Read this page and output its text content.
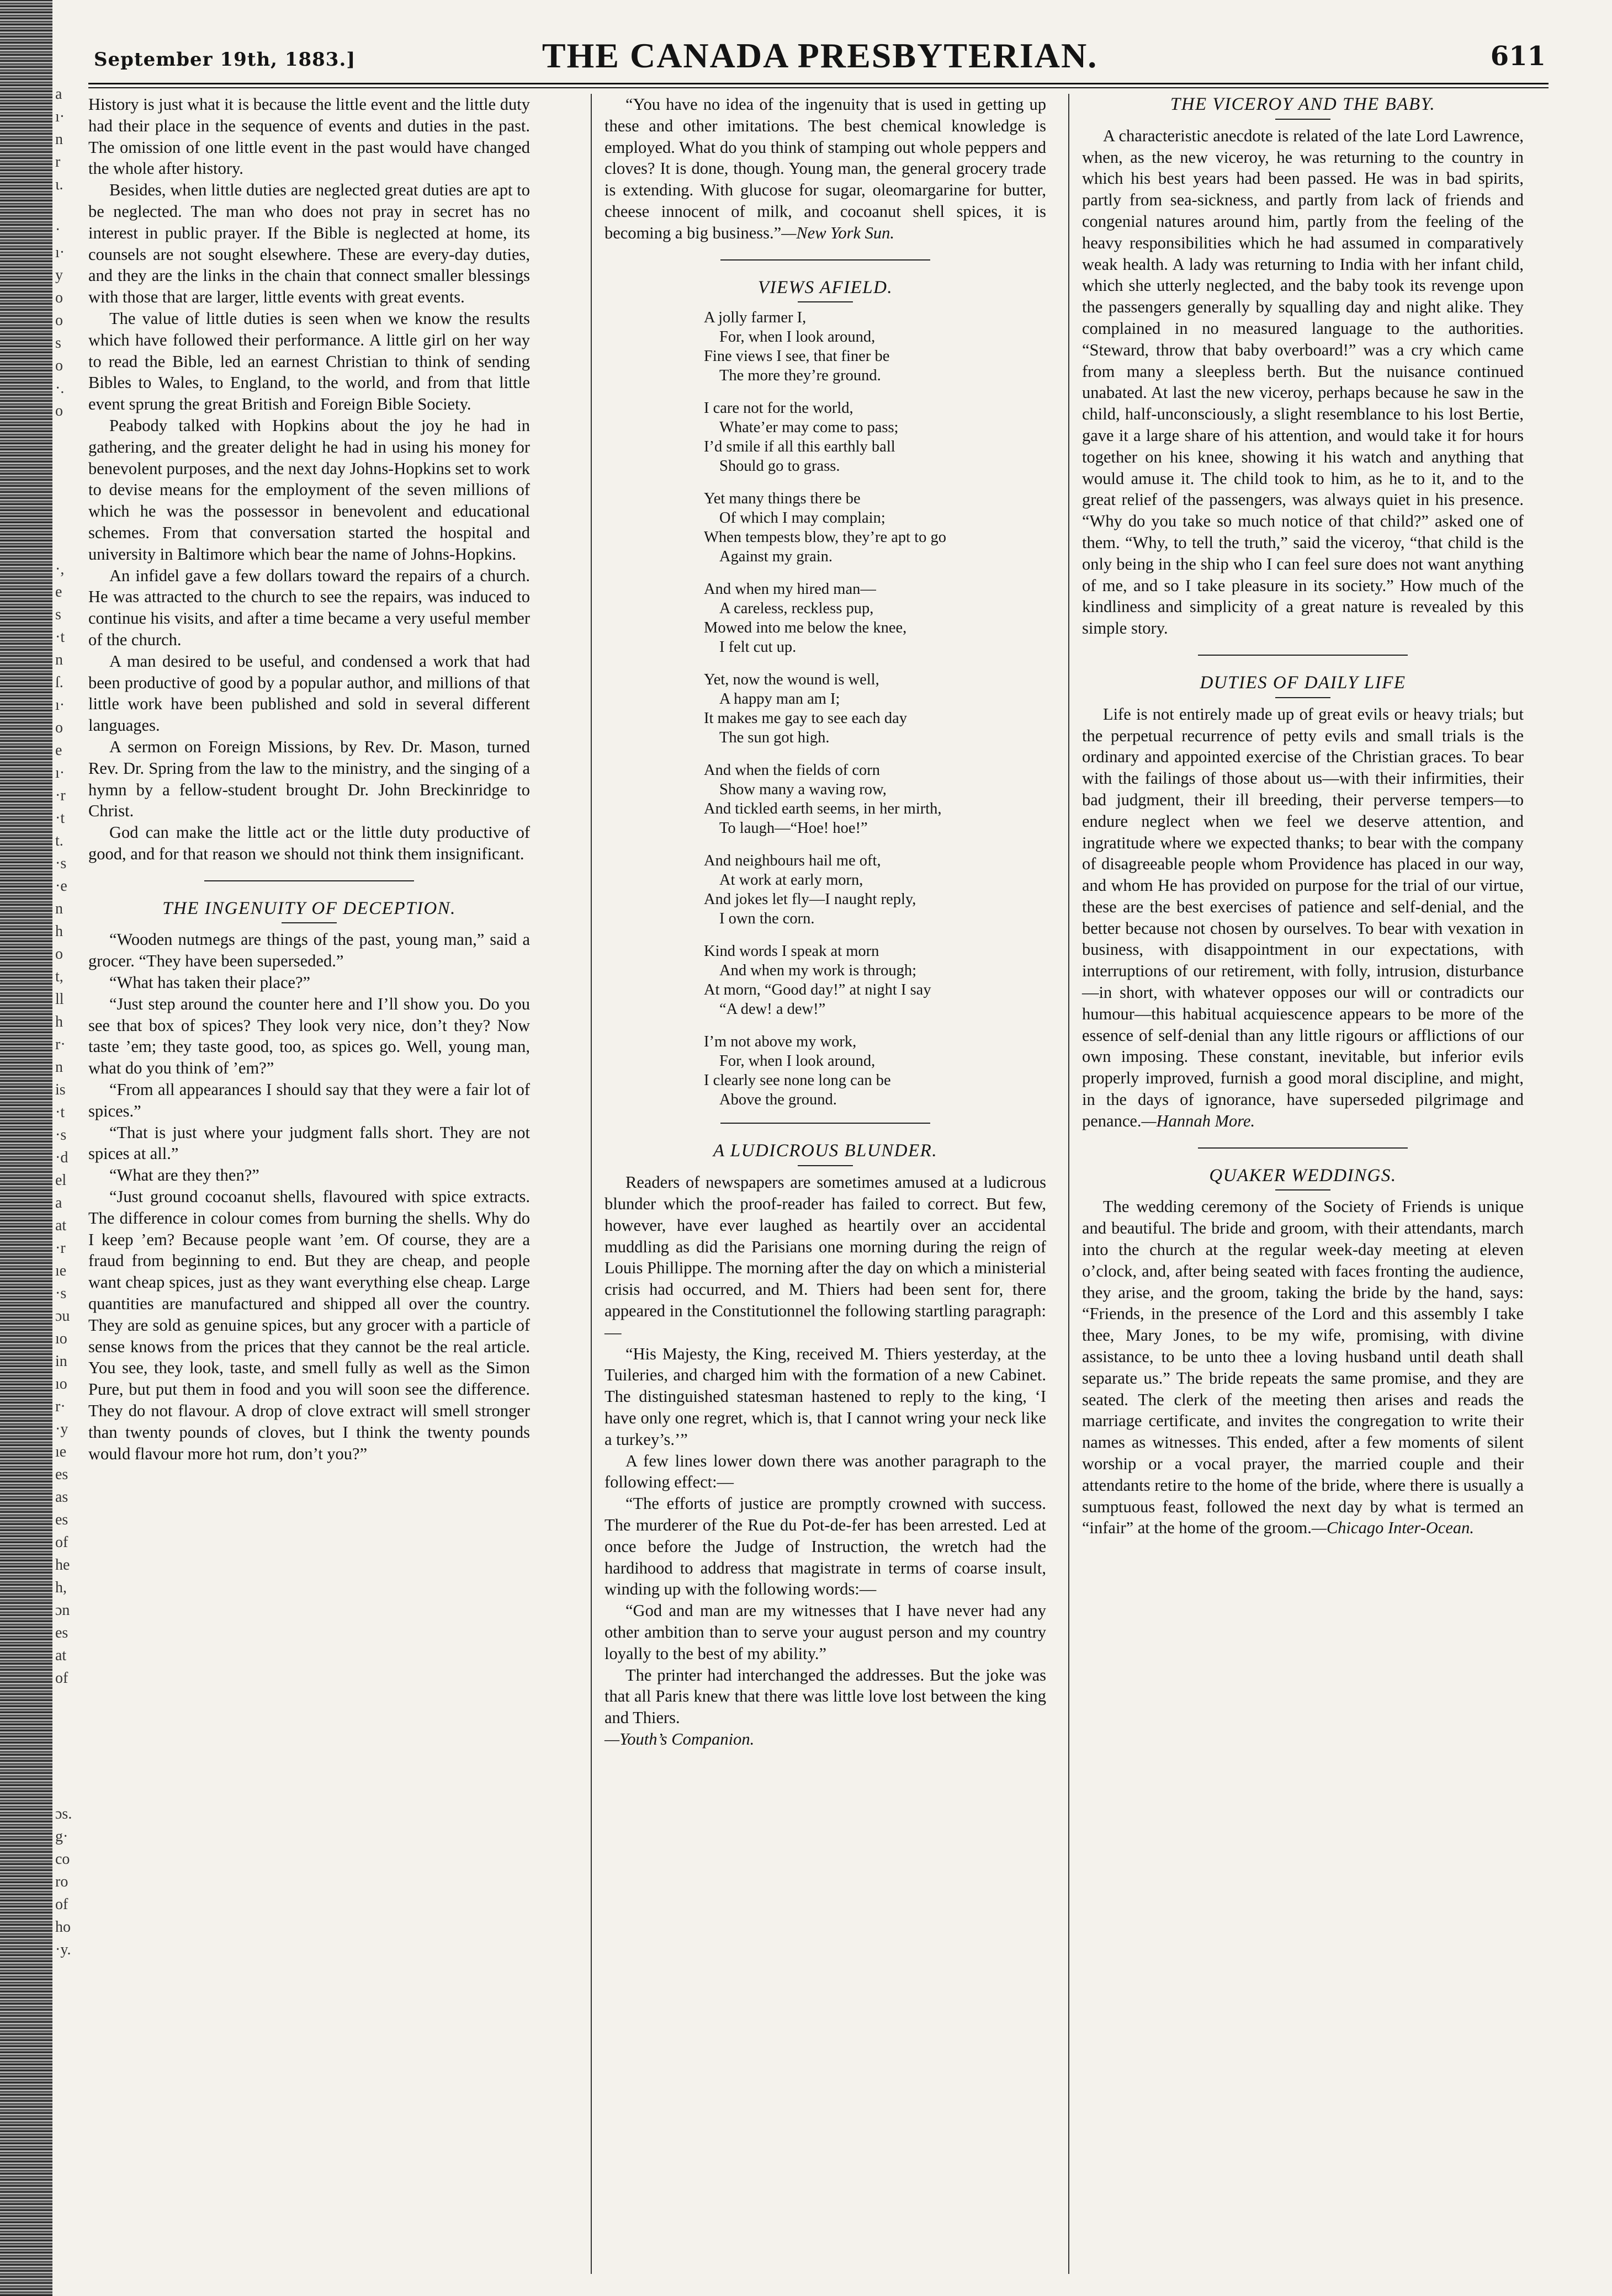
a
ı·
n
r
ι.
·
ı·
y
o
o
s
o
·.
o
·,
e
s
·t
n
ſ.
ı·
o
e
ı·
·r
·t
t.
·s
·e
n
h
o
t,
ll
h
r·
n
is
·t
·s
·d
el
a
at
·r
ıe
·s
ɔu
ıo
in
ıo
r·
·y
ıe
es
as
es
of
he
h,
ɔn
es
at
of
ɔs.
g·
co
ro
of
ho
·y.
September 19th, 1883.]	THE CANADA PRESBYTERIAN.	611

History is just what it is because the little event and the little duty had their place in the sequence of events and duties in the past. The omission of one little event in the past would have changed the whole after history.

Besides, when little duties are neglected great duties are apt to be neglected. The man who does not pray in secret has no interest in public prayer. If the Bible is neglected at home, its counsels are not sought elsewhere. These are every-day duties, and they are the links in the chain that connect smaller blessings with those that are larger, little events with great events.

The value of little duties is seen when we know the results which have followed their performance. A little girl on her way to read the Bible, led an earnest Christian to think of sending Bibles to Wales, to England, to the world, and from that little event sprung the great British and Foreign Bible Society.

Peabody talked with Hopkins about the joy he had in gathering, and the greater delight he had in using his money for benevolent purposes, and the next day Johns-Hopkins set to work to devise means for the employment of the seven millions of which he was the possessor in benevolent and educational schemes. From that conversation started the hospital and university in Baltimore which bear the name of Johns-Hopkins.

An infidel gave a few dollars toward the repairs of a church. He was attracted to the church to see the repairs, was induced to continue his visits, and after a time became a very useful member of the church.

A man desired to be useful, and condensed a work that had been productive of good by a popular author, and millions of that little work have been published and sold in several different languages.

A sermon on Foreign Missions, by Rev. Dr. Mason, turned Rev. Dr. Spring from the law to the ministry, and the singing of a hymn by a fellow-student brought Dr. John Breckinridge to Christ.

God can make the little act or the little duty productive of good, and for that reason we should not think them insignificant.

THE INGENUITY OF DECEPTION.

“Wooden nutmegs are things of the past, young man,” said a grocer. “They have been superseded.”

“What has taken their place?”

“Just step around the counter here and I’ll show you. Do you see that box of spices? They look very nice, don’t they? Now taste ’em; they taste good, too, as spices go. Well, young man, what do you think of ’em?”

“From all appearances I should say that they were a fair lot of spices.”

“That is just where your judgment falls short. They are not spices at all.”

“What are they then?”

“Just ground cocoanut shells, flavoured with spice extracts. The difference in colour comes from burning the shells. Why do I keep ’em? Because people want ’em. Of course, they are a fraud from beginning to end. But they are cheap, and people want cheap spices, just as they want everything else cheap. Large quantities are manufactured and shipped all over the country. They are sold as genuine spices, but any grocer with a particle of sense knows from the prices that they cannot be the real article. You see, they look, taste, and smell fully as well as the Simon Pure, but put them in food and you will soon see the difference. They do not flavour. A drop of clove extract will smell stronger than twenty pounds of cloves, but I think the twenty pounds would flavour more hot rum, don’t you?”

“You have no idea of the ingenuity that is used in getting up these and other imitations. The best chemical knowledge is employed. What do you think of stamping out whole peppers and cloves? It is done, though. Young man, the general grocery trade is extending. With glucose for sugar, oleomargarine for butter, cheese innocent of milk, and cocoanut shell spices, it is becoming a big business.”—New York Sun.

VIEWS AFIELD.
A jolly farmer I,
For, when I look around,
Fine views I see, that finer be
The more they’re ground.
I care not for the world,
Whate’er may come to pass;
I’d smile if all this earthly ball
Should go to grass.
Yet many things there be
Of which I may complain;
When tempests blow, they’re apt to go
Against my grain.
And when my hired man—
A careless, reckless pup,
Mowed into me below the knee,
I felt cut up.
Yet, now the wound is well,
A happy man am I;
It makes me gay to see each day
The sun got high.
And when the fields of corn
Show many a waving row,
And tickled earth seems, in her mirth,
To laugh—“Hoe! hoe!”
And neighbours hail me oft,
At work at early morn,
And jokes let fly—I naught reply,
I own the corn.
Kind words I speak at morn
And when my work is through;
At morn, “Good day!” at night I say
“A dew! a dew!”
I’m not above my work,
For, when I look around,
I clearly see none long can be
Above the ground.
A LUDICROUS BLUNDER.

Readers of newspapers are sometimes amused at a ludicrous blunder which the proof-reader has failed to correct. But few, however, have ever laughed as heartily over an accidental muddling as did the Parisians one morning during the reign of Louis Phillippe. The morning after the day on which a ministerial crisis had occurred, and M. Thiers had been sent for, there appeared in the Constitutionnel the following startling paragraph:—

“His Majesty, the King, received M. Thiers yesterday, at the Tuileries, and charged him with the formation of a new Cabinet. The distinguished statesman hastened to reply to the king, ‘I have only one regret, which is, that I cannot wring your neck like a turkey’s.’”

A few lines lower down there was another paragraph to the following effect:—

“The efforts of justice are promptly crowned with success. The murderer of the Rue du Pot-de-fer has been arrested. Led at once before the Judge of Instruction, the wretch had the hardihood to address that magistrate in terms of coarse insult, winding up with the following words:—

“God and man are my witnesses that I have never had any other ambition than to serve your august person and my country loyally to the best of my ability.”

The printer had interchanged the addresses. But the joke was that all Paris knew that there was little love lost between the king and Thiers.

—Youth’s Companion.

THE VICEROY AND THE BABY.

A characteristic anecdote is related of the late Lord Lawrence, when, as the new viceroy, he was returning to the country in which his best years had been passed. He was in bad spirits, partly from sea-sickness, and partly from lack of friends and congenial natures around him, partly from the feeling of the heavy responsibilities which he had assumed in comparatively weak health. A lady was returning to India with her infant child, which she utterly neglected, and the baby took its revenge upon the passengers generally by squalling day and night alike. They complained in no measured language to the authorities. “Steward, throw that baby overboard!” was a cry which came from many a sleepless berth. But the nuisance continued unabated. At last the new viceroy, perhaps because he saw in the child, half-unconsciously, a slight resemblance to his lost Bertie, gave it a large share of his attention, and would take it for hours together on his knee, showing it his watch and anything that would amuse it. The child took to him, as he to it, and to the great relief of the passengers, was always quiet in his presence. “Why do you take so much notice of that child?” asked one of them. “Why, to tell the truth,” said the viceroy, “that child is the only being in the ship who I can feel sure does not want anything of me, and so I take pleasure in its society.” How much of the kindliness and simplicity of a great nature is revealed by this simple story.

DUTIES OF DAILY LIFE

Life is not entirely made up of great evils or heavy trials; but the perpetual recurrence of petty evils and small trials is the ordinary and appointed exercise of the Christian graces. To bear with the failings of those about us—with their infirmities, their bad judgment, their ill breeding, their perverse tempers—to endure neglect when we feel we deserve attention, and ingratitude where we expected thanks; to bear with the company of disagreeable people whom Providence has placed in our way, and whom He has provided on purpose for the trial of our virtue, these are the best exercises of patience and self-denial, and the better because not chosen by ourselves. To bear with vexation in business, with disappointment in our expectations, with interruptions of our retirement, with folly, intrusion, disturbance—in short, with whatever opposes our will or contradicts our humour—this habitual acquiescence appears to be more of the essence of self-denial than any little rigours or afflictions of our own imposing. These constant, inevitable, but inferior evils properly improved, furnish a good moral discipline, and might, in the days of ignorance, have superseded pilgrimage and penance.—Hannah More.

QUAKER WEDDINGS.

The wedding ceremony of the Society of Friends is unique and beautiful. The bride and groom, with their attendants, march into the church at the regular week-day meeting at eleven o’clock, and, after being seated with faces fronting the audience, they arise, and the groom, taking the bride by the hand, says: “Friends, in the presence of the Lord and this assembly I take thee, Mary Jones, to be my wife, promising, with divine assistance, to be unto thee a loving husband until death shall separate us.” The bride repeats the same promise, and they are seated. The clerk of the meeting then arises and reads the marriage certificate, and invites the congregation to write their names as witnesses. This ended, after a few moments of silent worship or a vocal prayer, the married couple and their attendants retire to the home of the bride, where there is usually a sumptuous feast, followed the next day by what is termed an “infair” at the home of the groom.—Chicago Inter-Ocean.
